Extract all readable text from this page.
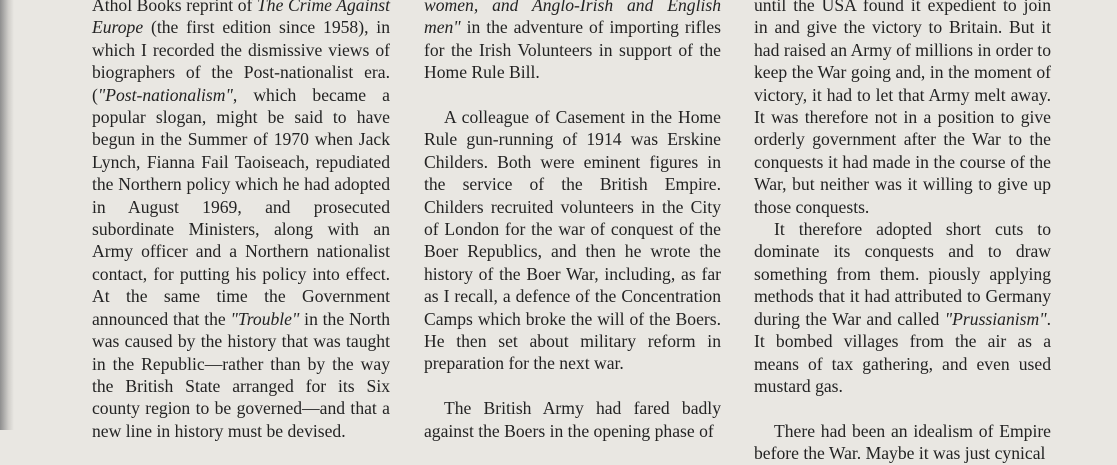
Athol Books reprint of The Crime Against Europe (the first edition since 1958), in which I recorded the dismissive views of biographers of the Post-nationalist era. ("Post-nationalism", which became a popular slogan, might be said to have begun in the Summer of 1970 when Jack Lynch, Fianna Fail Taoiseach, repudiated the Northern policy which he had adopted in August 1969, and prosecuted subordinate Ministers, along with an Army officer and a Northern nationalist contact, for putting his policy into effect. At the same time the Government announced that the "Trouble" in the North was caused by the history that was taught in the Republic—rather than by the way the British State arranged for its Six county region to be governed—and that a new line in history must be devised.

women, and Anglo-Irish and English men" in the adventure of importing rifles for the Irish Volunteers in support of the Home Rule Bill.

A colleague of Casement in the Home Rule gun-running of 1914 was Erskine Childers. Both were eminent figures in the service of the British Empire. Childers recruited volunteers in the City of London for the war of conquest of the Boer Republics, and then he wrote the history of the Boer War, including, as far as I recall, a defence of the Concentration Camps which broke the will of the Boers. He then set about military reform in preparation for the next war.

The British Army had fared badly against the Boers in the opening phase of

until the USA found it expedient to join in and give the victory to Britain. But it had raised an Army of millions in order to keep the War going and, in the moment of victory, it had to let that Army melt away. It was therefore not in a position to give orderly government after the War to the conquests it had made in the course of the War, but neither was it willing to give up those conquests.

It therefore adopted short cuts to dominate its conquests and to draw something from them. piously applying methods that it had attributed to Germany during the War and called "Prussianism". It bombed villages from the air as a means of tax gathering, and even used mustard gas.

There had been an idealism of Empire before the War. Maybe it was just cynical
